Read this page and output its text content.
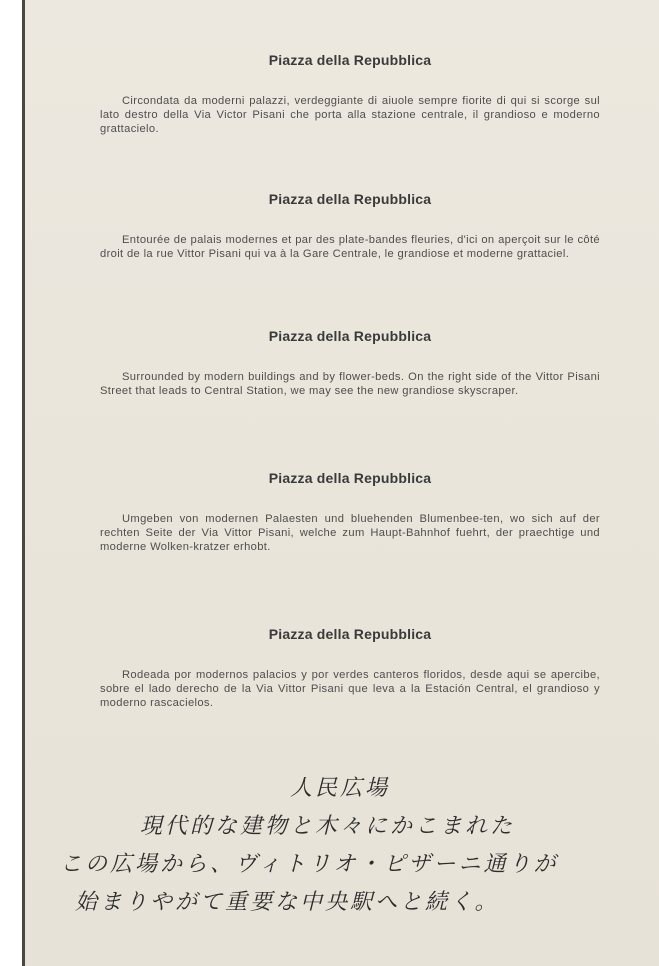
Piazza della Repubblica

Circondata da moderni palazzi, verdeggiante di aiuole sempre fiorite di qui si scorge sul lato destro della Via Victor Pisani che porta alla stazione centrale, il grandioso e moderno grattacielo.

Piazza della Repubblica

Entourée de palais modernes et par des plate-bandes fleuries, d'ici on aperçoit sur le côté droit de la rue Vittor Pisani qui va à la Gare Centrale, le grandiose et moderne grattaciel.

Piazza della Repubblica

Surrounded by modern buildings and by flower-beds. On the right side of the Vittor Pisani Street that leads to Central Station, we may see the new grandiose skyscraper.

Piazza della Repubblica

Umgeben von modernen Palaesten und bluehenden Blumenbee-ten, wo sich auf der rechten Seite der Via Vittor Pisani, welche zum Haupt-Bahnhof fuehrt, der praechtige und moderne Wolken-kratzer erhobt.

Piazza della Repubblica

Rodeada por modernos palacios y por verdes canteros floridos, desde aqui se apercibe, sobre el lado derecho de la Via Vittor Pisani que leva a la Estación Central, el grandioso y moderno rascacielos.

人民広場
現代的な建物と木々にかこまれた
この広場から、ヴィトリオ・ピザーニ通りが
始まりやがて重要な中央駅へと続く。
